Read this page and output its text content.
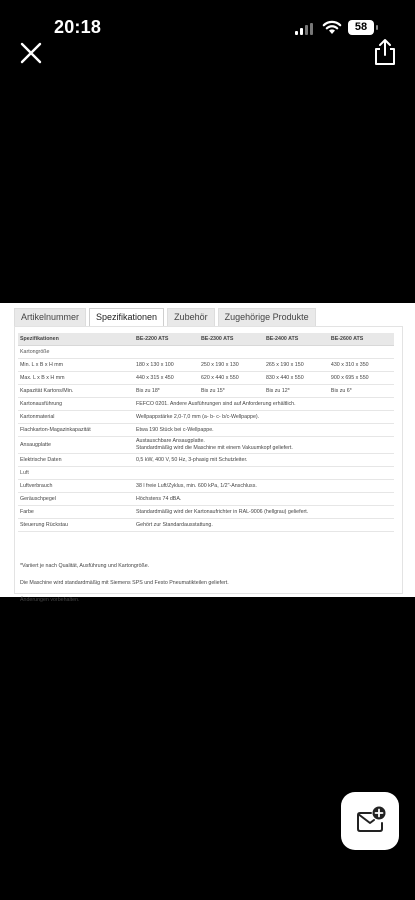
20:18	58
Artikelnummer	Spezifikationen	Zubehör	Zugehörige Produkte
Spezifikationen	BE-2200 ATS	BE-2300 ATS	BE-2400 ATS	BE-2600 ATS
Kartongröße				
Min. L x B x H mm	180 x 130 x 100	250 x 190 x 130	265 x 190 x 150	430 x 310 x 350
Max. L x B x H mm	440 x 315 x 450	620 x 440 x 550	830 x 440 x 550	900 x 695 x 550
Kapazität Kartons/Min.	Bis zu 18*	Bis zu 15*	Bis zu 12*	Bis zu 6*
Kartonausführung	FEFCO 0201. Andere Ausführungen sind auf Anforderung erhältlich.			
Kartonmaterial	Wellpappstärke 2,0-7,0 mm (a- b- c- b/c-Wellpappe).			
Flachkarton-Magazinkapazität	Etwa 190 Stück bei c-Wellpappe.			
Ansaugplatte	Austauschbare Ansaugplatte.
Standardmäßig wird die Maschine mit einem Vakuumkopf geliefert.			

Elektrische Daten	0,5 kW, 400 V, 50 Hz, 3-phasig mit Schutzleiter.			
Luft				
Luftverbrauch	38 l freie Luft/Zyklus, min. 600 kPa, 1/2"-Anschluss.			
Geräuschpegel	Höchstens 74 dBA.			
Farbe	Standardmäßig wird der Kartonaufrichter in RAL-9006 (hellgrau) geliefert.			
Steuerung Rückstau	Gehört zur Standardausstattung.			
*Variiert je nach Qualität, Ausführung und Kartongröße.
Die Maschine wird standardmäßig mit Siemens SPS und Festo Pneumatikteilen geliefert.
Änderungen vorbehalten.
